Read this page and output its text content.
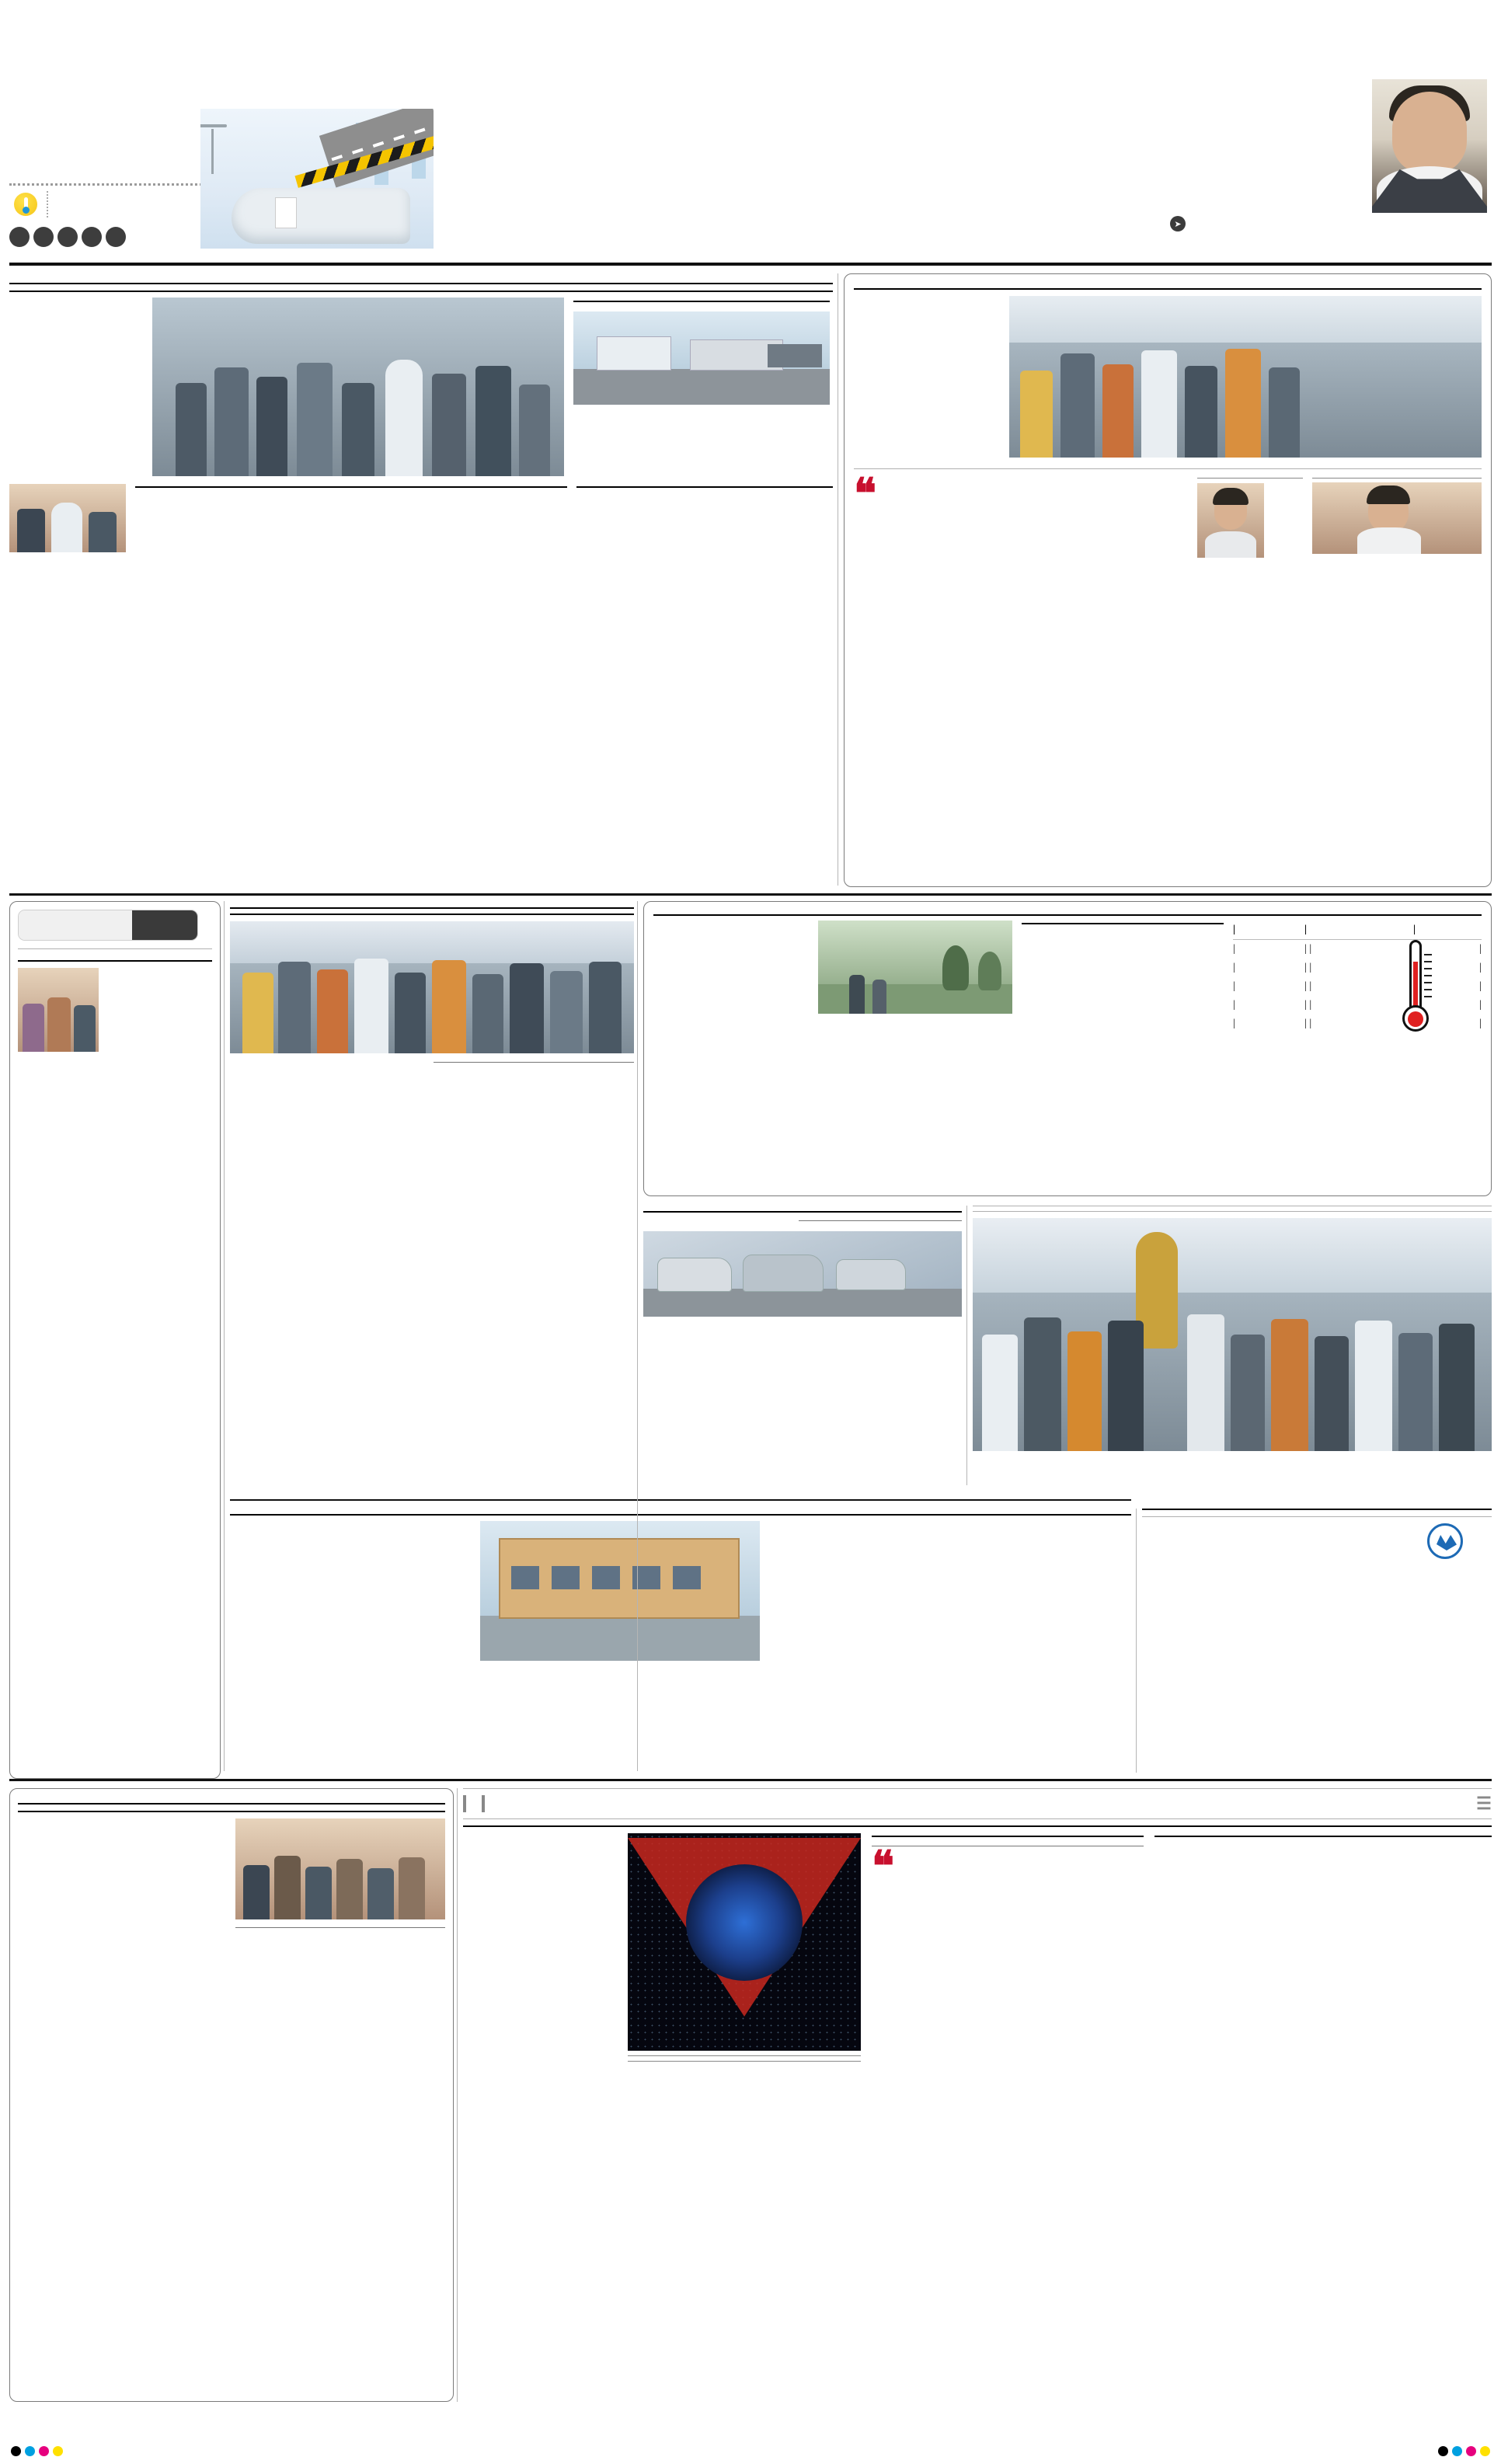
➤
❝
|	|	|
|	| |
|	| |
|	| |
|	| |
|	| |
|
|
|
|
|
☰
❝
